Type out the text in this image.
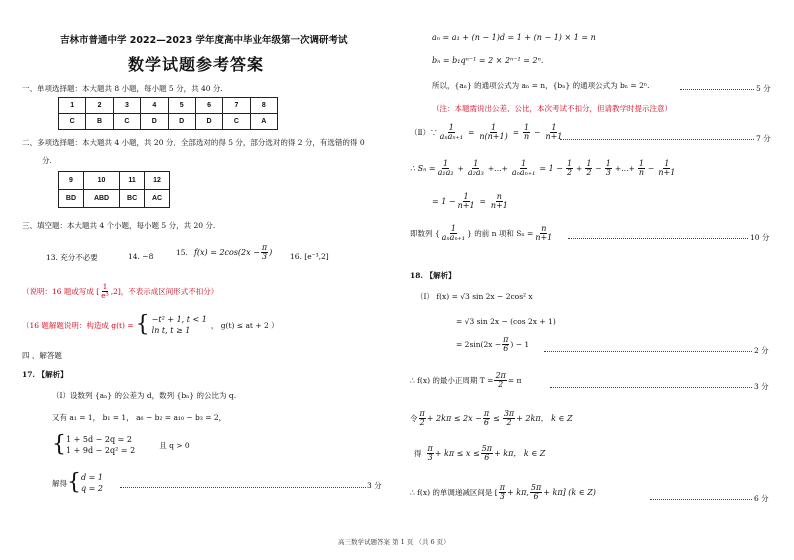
吉林市普通中学 2022—2023 学年度高中毕业年级第一次调研考试
数学试题参考答案
一、单项选择题：本大题共 8 小题，每小题 5 分，共 40 分.
1	2	3	4	5	6	7	8
C	B	C	D	D	D	C	A
二、多项选择题：本大题共 4 小题，共 20 分．全部选对的得 5 分，部分选对的得 2 分，有选错的得 0
分.
9	10	11	12
BD	ABD	BC	AC
三、填空题：本大题共 4 个小题，每小题 5 分，共 20 分.
13. 充分不必要	14. −8	15. $f(x) = 2\cos(2x - \frac{\pi}{3}$ ) 16. [e⁻³,2]
（说明：16 题或写成 [ $\frac{1}{\text{e³}} ,2$]，不表示成区间形式不扣分）
（16 题解题说明：构造成 g(t) = { −t² + 1, t < 1
ln t, t ≥ 1
， g(t) ≤ at + 2 ）
四 、解答题
17. 【解析】
（Ⅰ）设数列 {aₙ} 的公差为 d，数列 {bₙ} 的公比为 q.
又有 a₁ = 1， b₁ = 1， a₆ − b₂ = a₁₀ − b₃ = 2，
{ 1 + 5d − 2q = 2
1 + 9d − 2q² = 2
且 q > 0
解得 { d = 1
q = 2	3 分
aₙ = a₁ + (n − 1)d = 1 + (n − 1) × 1 = n
bₙ = b₁qⁿ⁻¹ = 2 × 2ⁿ⁻¹ = 2ⁿ.
所以，{aₙ} 的通项公式为 aₙ = n，{bₙ} 的通项公式为 bₙ = 2ⁿ.	5 分
（注：本题需说出公差、公比，本次考试不扣分，但请教学时提示注意）
（Ⅱ）∵ $\frac{1}{\text{aₙaₙ₊₁}} = \frac{1}{n(n+1)} = \frac{1}{n} - \frac{1}{n+1}$	7 分
∴ $S_n = \frac{1}{\text{a₁a₂}} + \frac{1}{\text{a₂a₃}}$ +…+ $\frac{1}{\text{aₙaₙ₊₁}} = 1 - \frac{1}{2} + \frac{1}{2} - \frac{1}{3}$ +…+ $\frac{1}{n} - \frac{1}{n+1}$
= $1 - \frac{1}{n+1} = \frac{n}{n+1}$
即数列 { $\frac{1}{\text{aₙaₙ₊₁}}$ } 的前 n 项和 $S_n = \frac{n}{n+1}$	10 分
18. 【解析】
（Ⅰ） f(x) = √3 sin 2x − 2cos² x
= √3 sin 2x − (cos 2x + 1)
= $2\sin(2x - \frac{\pi}{6}$ ) − 1
2 分
∴ f(x) 的最小正周期 $T = \frac{2\pi}{2} = \pi$
3 分
令 $\frac{\pi}{2} + 2k\pi \le 2x - \frac{\pi}{6} \le \frac{3\pi}{2} + 2k\pi$， k ∈ Z
得 $\frac{\pi}{3} + k\pi \le x \le \frac{5\pi}{6} + k\pi$， k ∈ Z
∴ f(x) 的单调递减区间是 [ $\frac{\pi}{3} + k\pi$, $\frac{5\pi}{6} + k\pi$] (k ∈ Z)
6 分
高三数学试题答案 第 1 页 （共 6 页）
